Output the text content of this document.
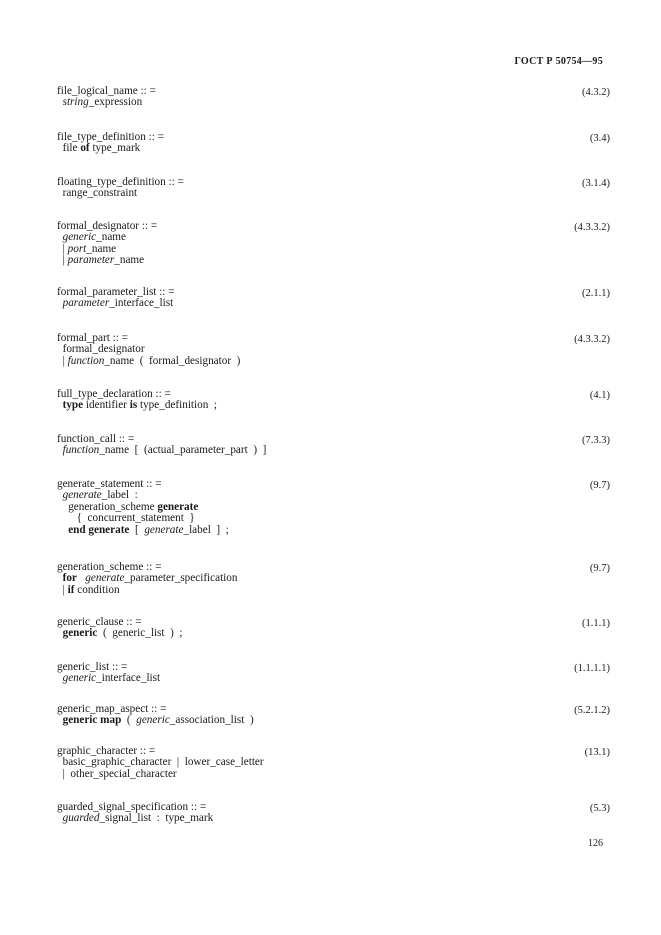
ГОСТ Р 50754—95
file_logical_name :: =	(4.3.2)
string_expression
file_type_definition :: =	(3.4)
file of type_mark
floating_type_definition :: =	(3.1.4)
range_constraint
formal_designator :: =	(4.3.3.2)
generic_name
| port_name
| parameter_name
formal_parameter_list :: =	(2.1.1)
parameter_interface_list
formal_part :: =	(4.3.3.2)
formal_designator
| function_name  (  formal_designator  )
full_type_declaration :: =	(4.1)
type identifier is type_definition  ;
function_call :: =	(7.3.3)
function_name  [  (actual_parameter_part  )  ]
generate_statement :: =	(9.7)
generate_label  :
generation_scheme generate
{  concurrent_statement  }
end generate  [  generate_label  ]  ;
generation_scheme :: =	(9.7)
for generate_parameter_specification
| if condition
generic_clause :: =	(1.1.1)
generic  (  generic_list  )  ;
generic_list :: =	(1.1.1.1)
generic_interface_list
generic_map_aspect :: =	(5.2.1.2)
generic map  (  generic_association_list  )
graphic_character :: =	(13.1)
basic_graphic_character  |  lower_case_letter
|  other_special_character
guarded_signal_specification :: =	(5.3)
guarded_signal_list  :  type_mark
126
